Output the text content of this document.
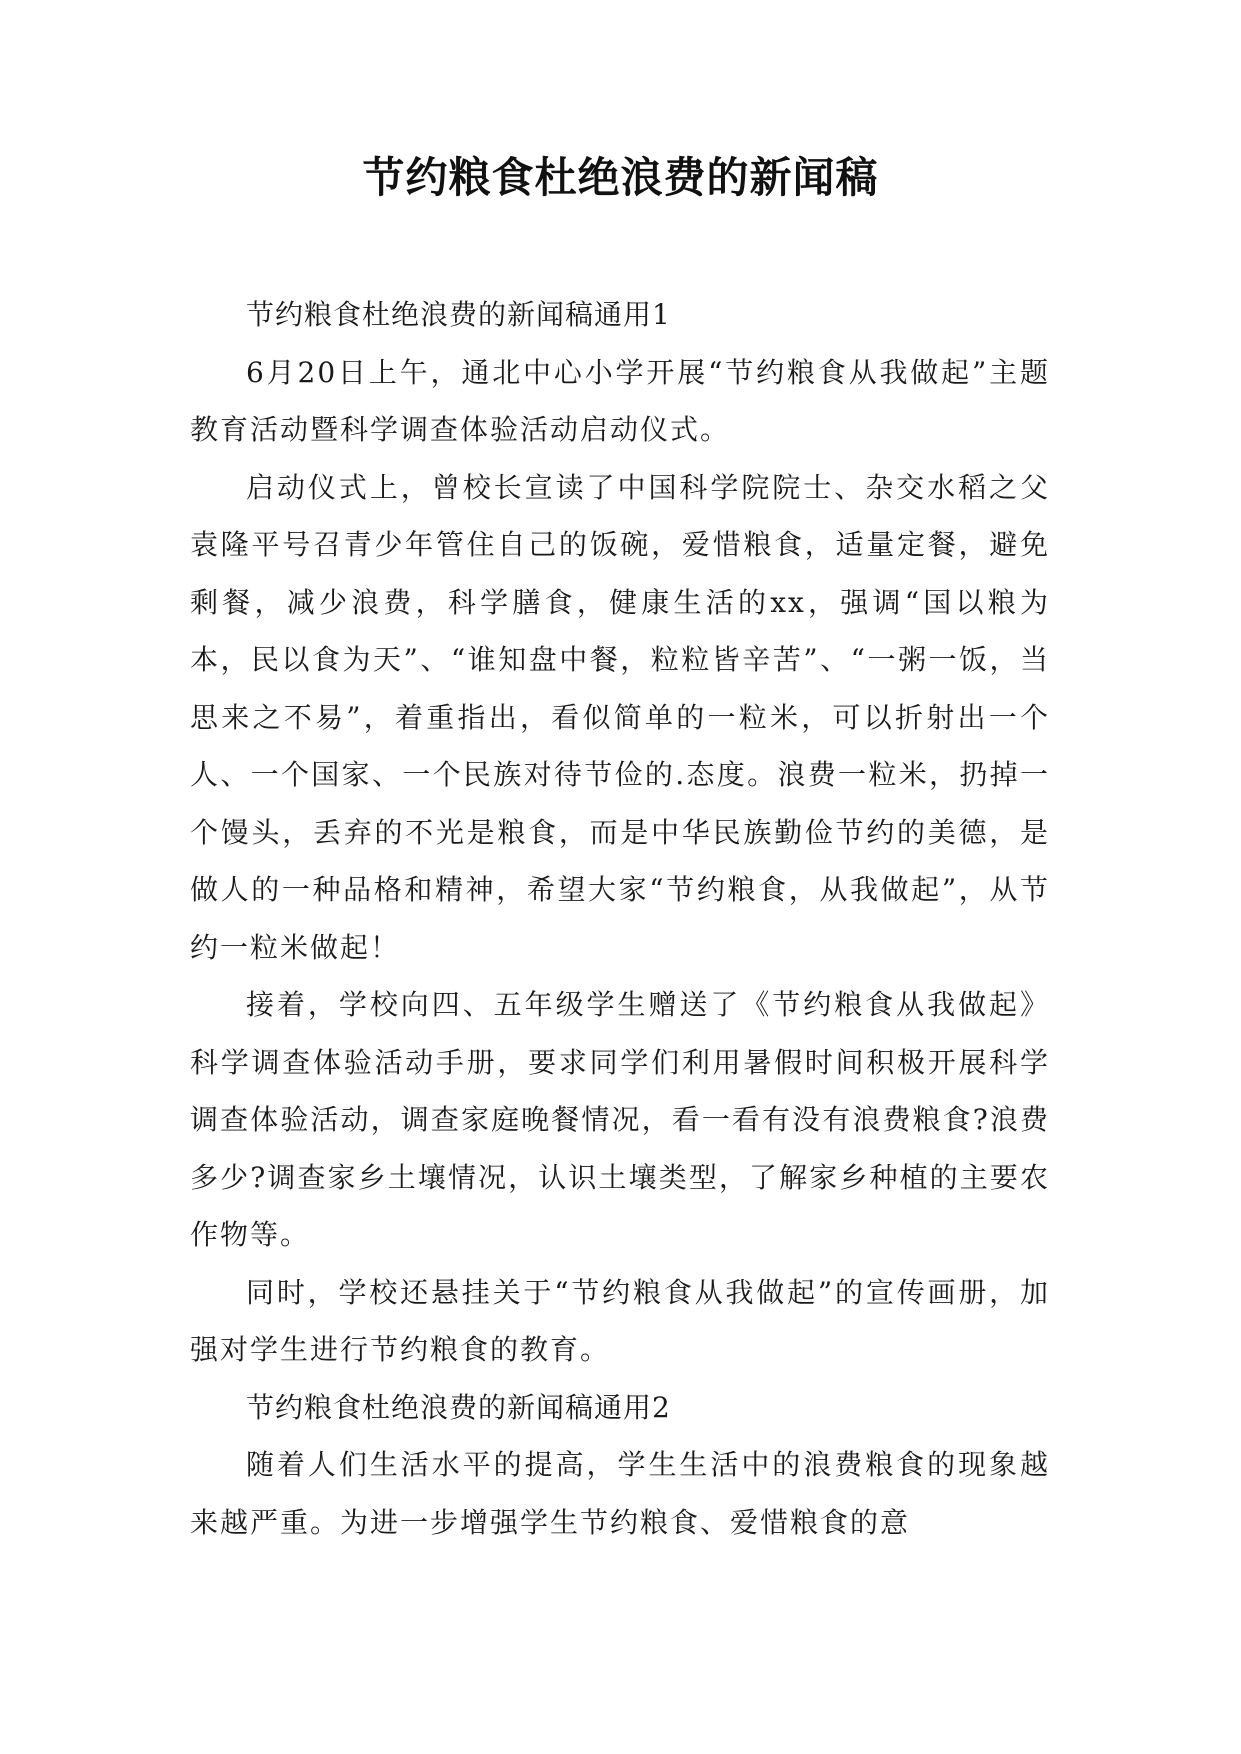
节约粮食杜绝浪费的新闻稿

节约粮食杜绝浪费的新闻稿通用1

6月20日上午，通北中心小学开展“节约粮食从我做起”主题教育活动暨科学调查体验活动启动仪式。

启动仪式上，曾校长宣读了中国科学院院士、杂交水稻之父袁隆平号召青少年管住自己的饭碗，爱惜粮食，适量定餐，避免剩餐，减少浪费，科学膳食，健康生活的xx，强调“国以粮为本，民以食为天”、“谁知盘中餐，粒粒皆辛苦”、“一粥一饭，当思来之不易”，着重指出，看似简单的一粒米，可以折射出一个人、一个国家、一个民族对待节俭的.态度。浪费一粒米，扔掉一个馒头，丢弃的不光是粮食，而是中华民族勤俭节约的美德，是做人的一种品格和精神，希望大家“节约粮食，从我做起”，从节约一粒米做起！

接着，学校向四、五年级学生赠送了《节约粮食从我做起》科学调查体验活动手册，要求同学们利用暑假时间积极开展科学调查体验活动，调查家庭晚餐情况，看一看有没有浪费粮食?浪费多少?调查家乡土壤情况，认识土壤类型，了解家乡种植的主要农作物等。

同时，学校还悬挂关于“节约粮食从我做起”的宣传画册，加强对学生进行节约粮食的教育。

节约粮食杜绝浪费的新闻稿通用2

随着人们生活水平的提高，学生生活中的浪费粮食的现象越来越严重。为进一步增强学生节约粮食、爱惜粮食的意
